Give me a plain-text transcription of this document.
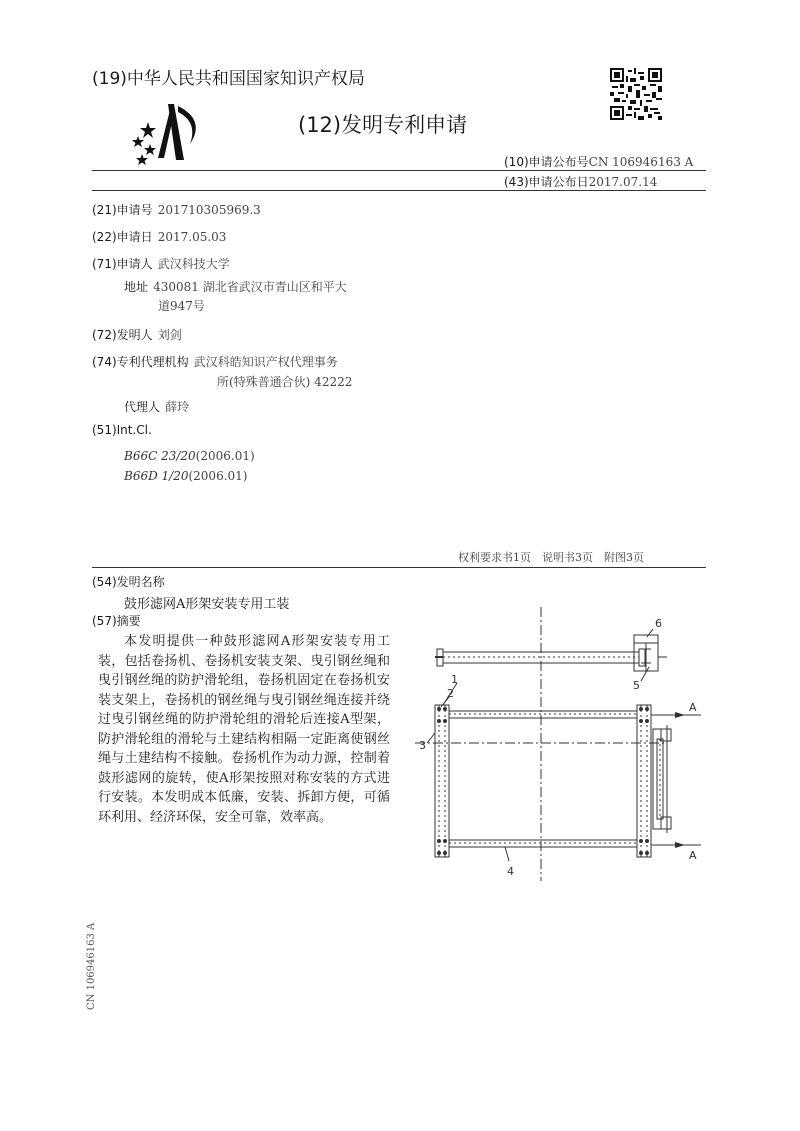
(19)中华人民共和国国家知识产权局
(12)发明专利申请
(10)申请公布号CN 106946163 A
(43)申请公布日2017.07.14
(21)申请号 201710305969.3
(22)申请日 2017.05.03
(71)申请人 武汉科技大学
地址 430081 湖北省武汉市青山区和平大
道947号
(72)发明人 刘剑
(74)专利代理机构 武汉科皓知识产权代理事务
所(特殊普通合伙) 42222
代理人 薛玲
(51)Int.Cl.
B66C 23/20(2006.01)
B66D 1/20(2006.01)
权利要求书1页　说明书3页　附图3页
(54)发明名称
鼓形滤网A形架安装专用工装
(57)摘要
本发明提供一种鼓形滤网A形架安装专用工装，包括卷扬机、卷扬机安装支架、曳引钢丝绳和曳引钢丝绳的防护滑轮组，卷扬机固定在卷扬机安装支架上，卷扬机的钢丝绳与曳引钢丝绳连接并绕过曳引钢丝绳的防护滑轮组的滑轮后连接A型架，防护滑轮组的滑轮与土建结构相隔一定距离使钢丝绳与土建结构不接触。卷扬机作为动力源，控制着鼓形滤网的旋转，使A形架按照对称安装的方式进行安装。本发明成本低廉，安装、拆卸方便，可循环利用、经济环保，安全可靠，效率高。
1
2
3
4
5
6
A
A
CN 106946163 A
